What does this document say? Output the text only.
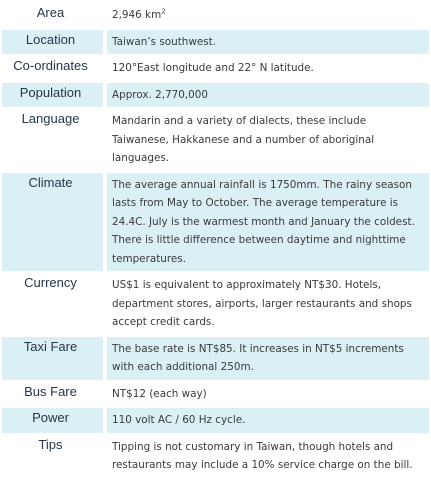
Area		2,946 $km^2$
Location		Taiwan’s southwest.
Co-ordinates		120°East longitude and 22° N latitude.
Population		Approx. 2,770,000
Language		Mandarin and a variety of dialects, these include Taiwanese, Hakkanese and a number of aboriginal languages.
Climate		The average annual rainfall is 1750mm. The rainy season lasts from May to October. The average temperature is 24.4C. July is the warmest month and January the coldest. There is little difference between daytime and nighttime temperatures.
Currency		US$1 is equivalent to approximately NT$30. Hotels, department stores, airports, larger restaurants and shops accept credit cards.
Taxi Fare		The base rate is NT$85. It increases in NT$5 increments with each additional 250m.
Bus Fare		NT$12 (each way)
Power		110 volt AC / 60 Hz cycle.
Tips		Tipping is not customary in Taiwan, though hotels and restaurants may include a 10% service charge on the bill.
